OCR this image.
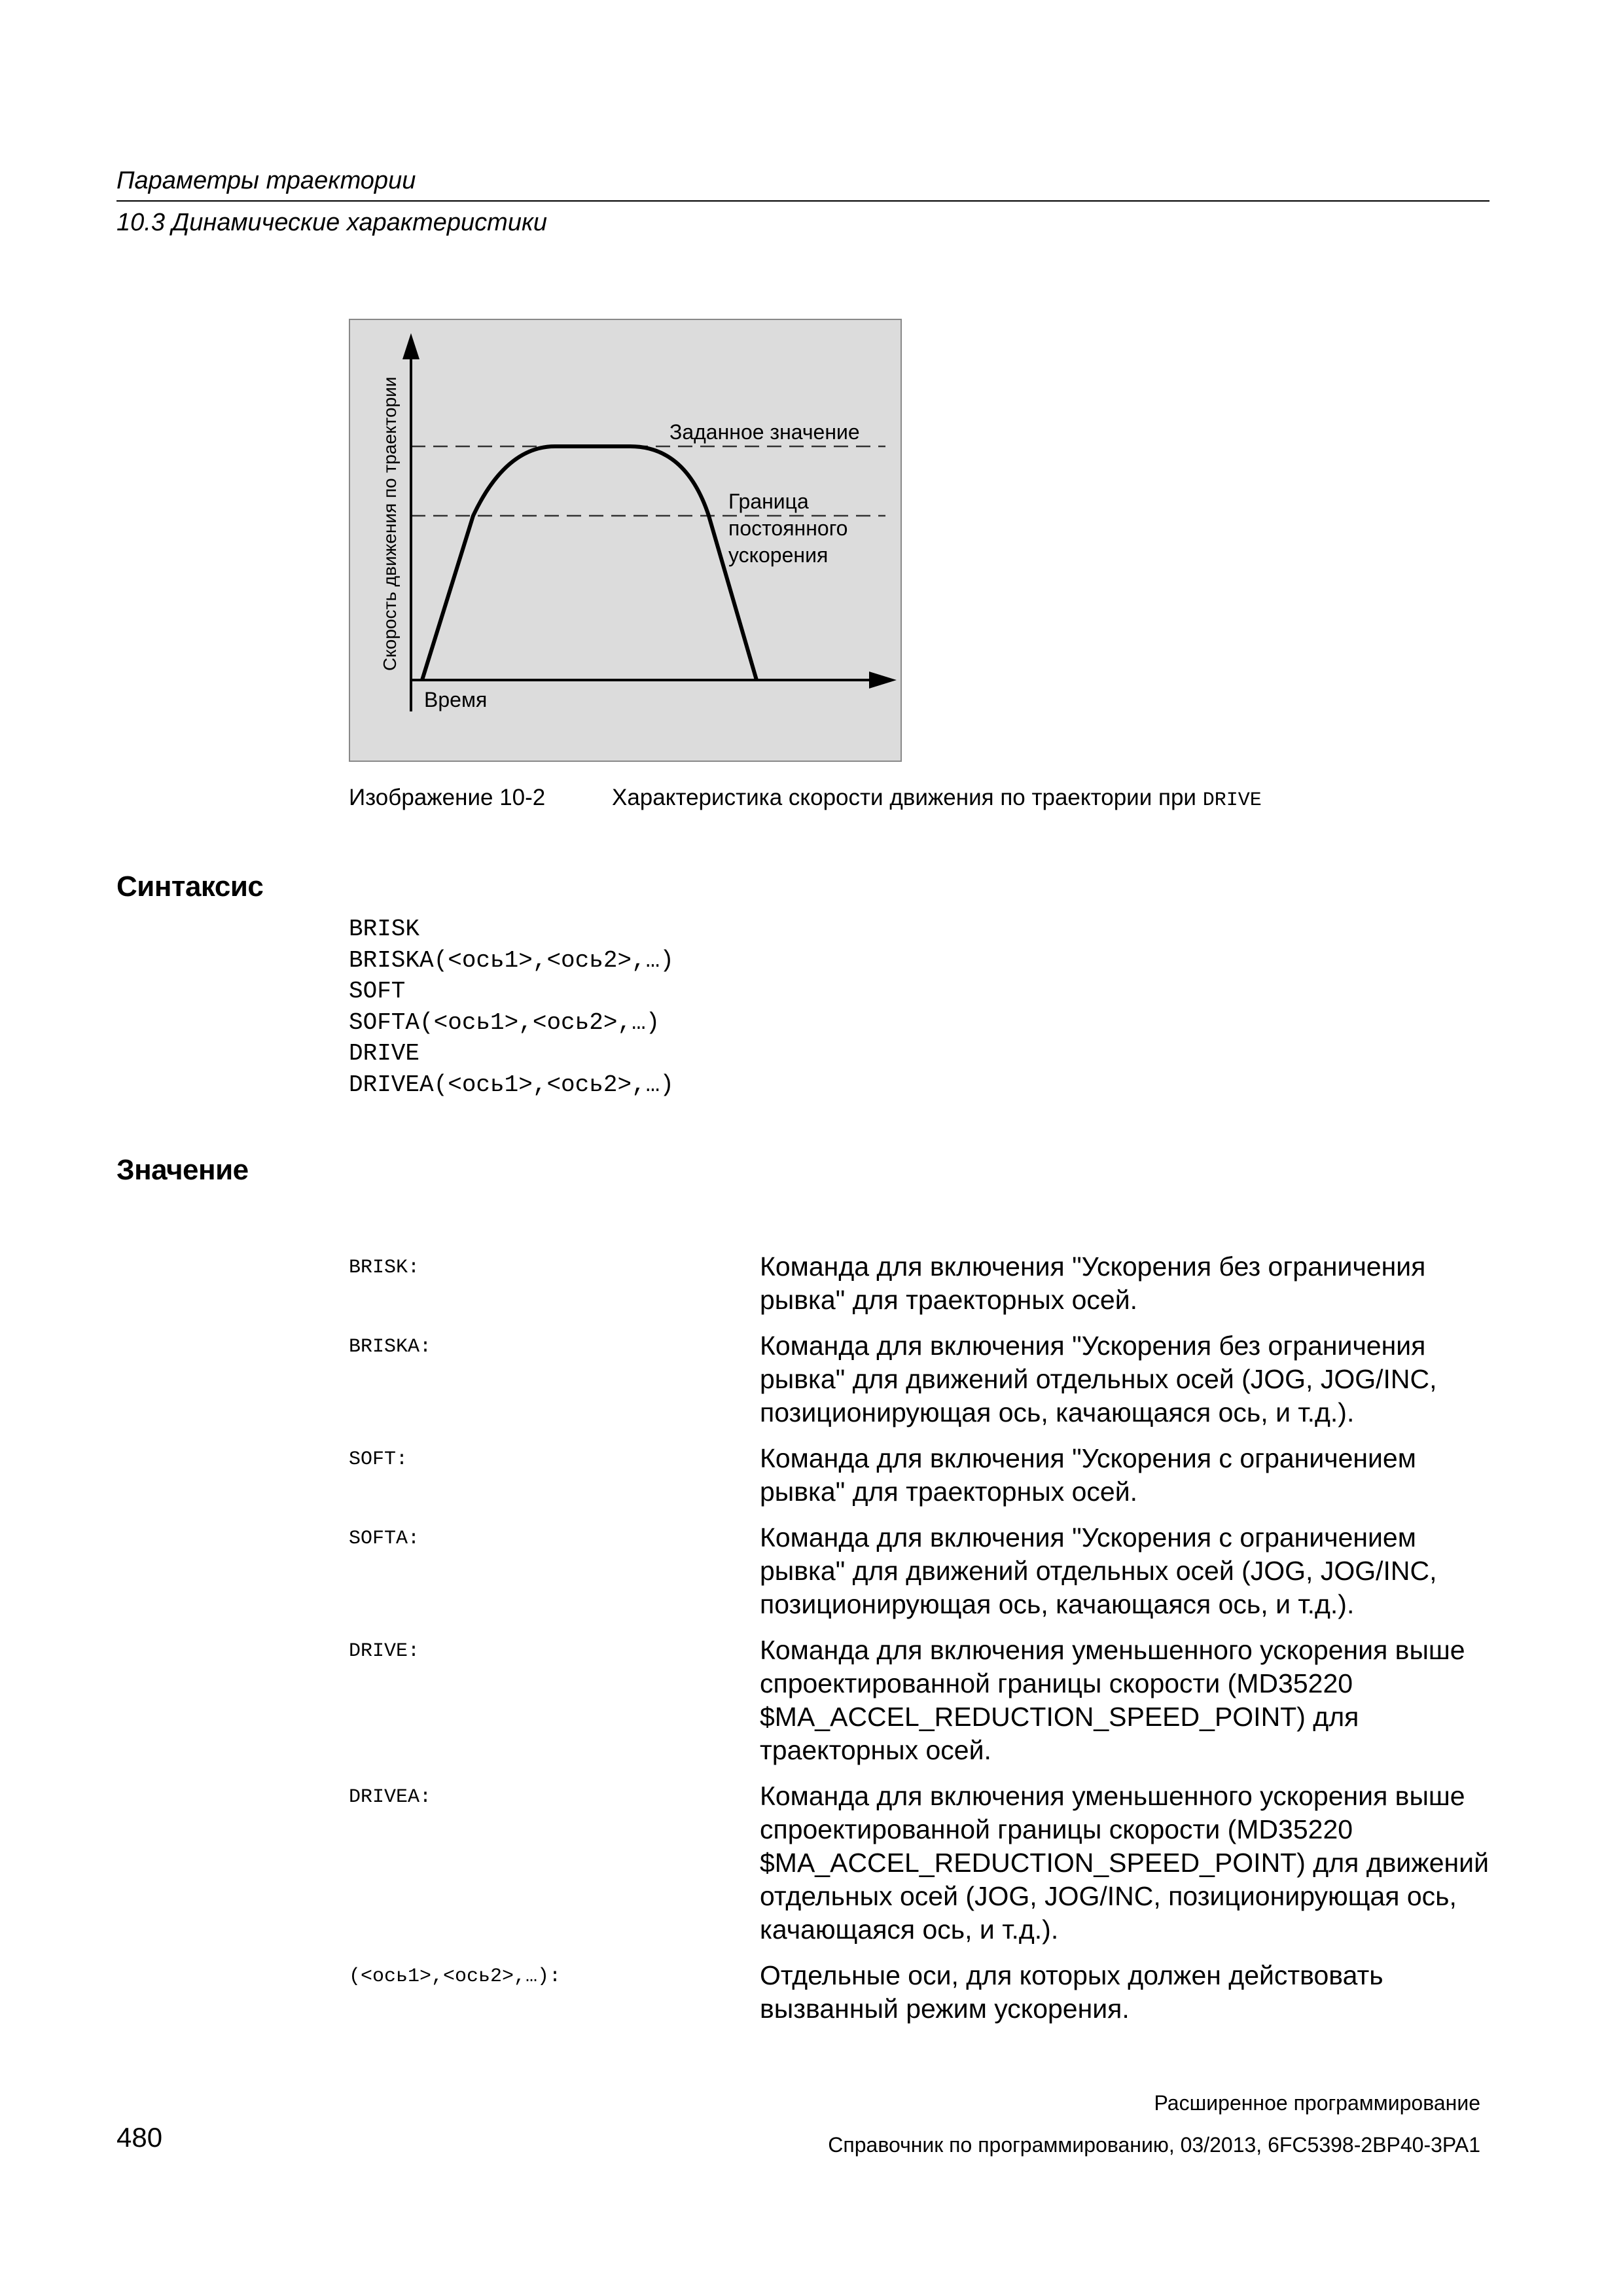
Параметры траектории
10.3 Динамические характеристики
Скорость движения по траектории
Время
Заданное значение
Граница
постоянного
ускорения
Изображение 10-2	Характеристика скорости движения по траектории при DRIVE
Синтаксис
BRISK
BRISKA(<ось1>,<ось2>,…)
SOFT
SOFTA(<ось1>,<ось2>,…)
DRIVE
DRIVEA(<ось1>,<ось2>,…)
Значение
BRISK:	Команда для включения "Ускорения без ограничения рывка" для траекторных осей.
BRISKA:	Команда для включения "Ускорения без ограничения рывка" для движений отдельных осей (JOG, JOG/INC, позиционирующая ось, качающаяся ось, и т.д.).
SOFT:	Команда для включения "Ускорения с ограничением рывка" для траекторных осей.
SOFTA:	Команда для включения "Ускорения с ограничением рывка" для движений отдельных осей (JOG, JOG/INC, позиционирующая ось, качающаяся ось, и т.д.).
DRIVE:	Команда для включения уменьшенного ускорения выше спроектированной границы скорости (MD35220 $MA_ACCEL_REDUCTION_SPEED_POINT) для траекторных осей.
DRIVEA:	Команда для включения уменьшенного ускорения выше спроектированной границы скорости (MD35220 $MA_ACCEL_REDUCTION_SPEED_POINT) для движений отдельных осей (JOG, JOG/INC, позиционирующая ось, качающаяся ось, и т.д.).
(<ось1>,<ось2>,…):	Отдельные оси, для которых должен действовать вызванный режим ускорения.
Расширенное программирование
480	Справочник по программированию, 03/2013, 6FC5398-2BP40-3PA1
